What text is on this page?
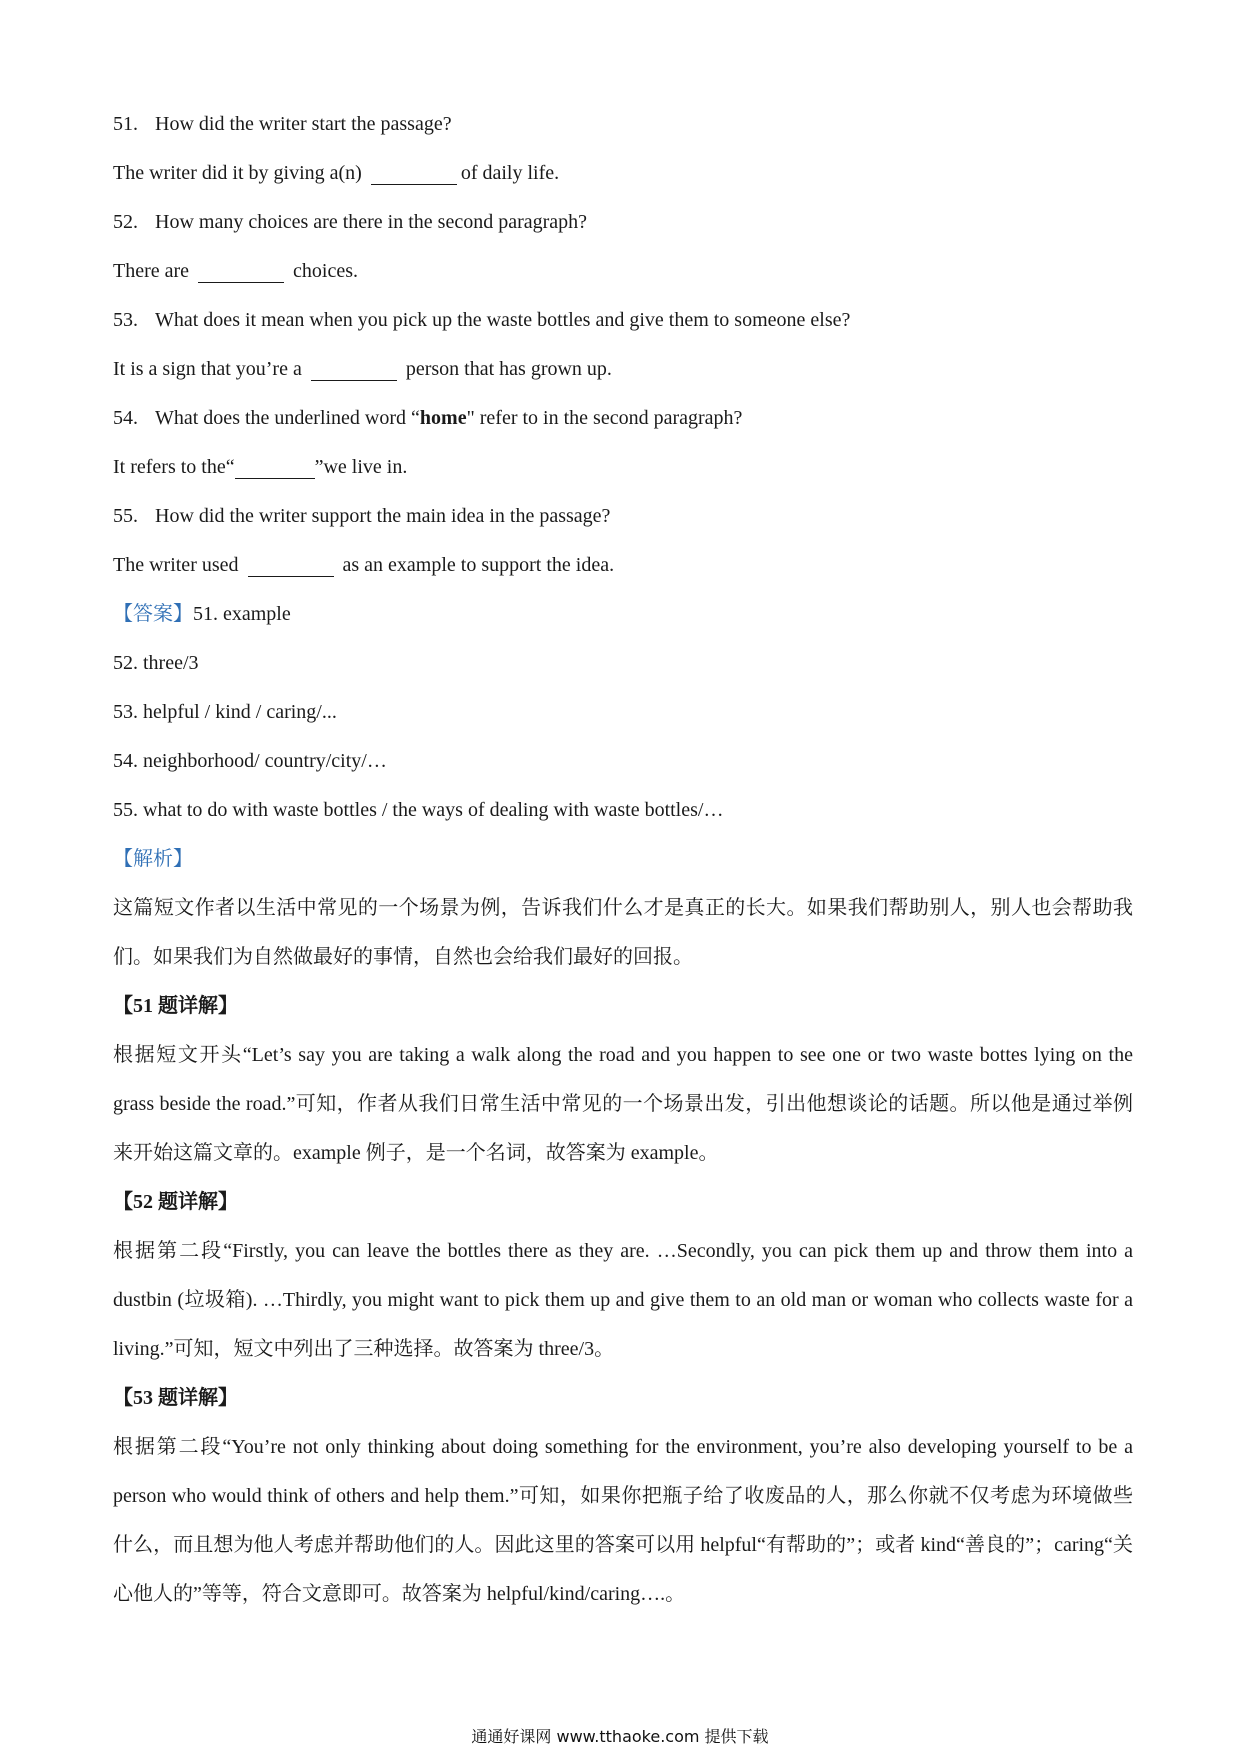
51. How did the writer start the passage?
The writer did it by giving a(n)	of daily life.
52. How many choices are there in the second paragraph?
There are	choices.
53. What does it mean when you pick up the waste bottles and give them to someone else?
It is a sign that you’re a	person that has grown up.
54. What does the underlined word “home" refer to in the second paragraph?
It refers to the“	”we live in.
55. How did the writer support the main idea in the passage?
The writer used	as an example to support the idea.
【答案】51. example
52. three/3
53. helpful / kind / caring/...
54. neighborhood/ country/city/…
55. what to do with waste bottles / the ways of dealing with waste bottles/…
【解析】

这篇短文作者以生活中常见的一个场景为例，告诉我们什么才是真正的长大。如果我们帮助别人，别人也会帮助我们。如果我们为自然做最好的事情，自然也会给我们最好的回报。

【51 题详解】

根据短文开头“Let’s say you are taking a walk along the road and you happen to see one or two waste bottes lying on the grass beside the road.”可知，作者从我们日常生活中常见的一个场景出发，引出他想谈论的话题。所以他是通过举例来开始这篇文章的。example 例子，是一个名词，故答案为 example。

【52 题详解】

根据第二段“Firstly, you can leave the bottles there as they are. …Secondly, you can pick them up and throw them into a dustbin (垃圾箱). …Thirdly, you might want to pick them up and give them to an old man or woman who collects waste for a living.”可知，短文中列出了三种选择。故答案为 three/3。

【53 题详解】

根据第二段“You’re not only thinking about doing something for the environment, you’re also developing yourself to be a person who would think of others and help them.”可知，如果你把瓶子给了收废品的人，那么你就不仅考虑为环境做些什么，而且想为他人考虑并帮助他们的人。因此这里的答案可以用 helpful“有帮助的”；或者 kind“善良的”；caring“关心他人的”等等，符合文意即可。故答案为 helpful/kind/caring….。

通通好课网 www.tthaoke.com 提供下载
